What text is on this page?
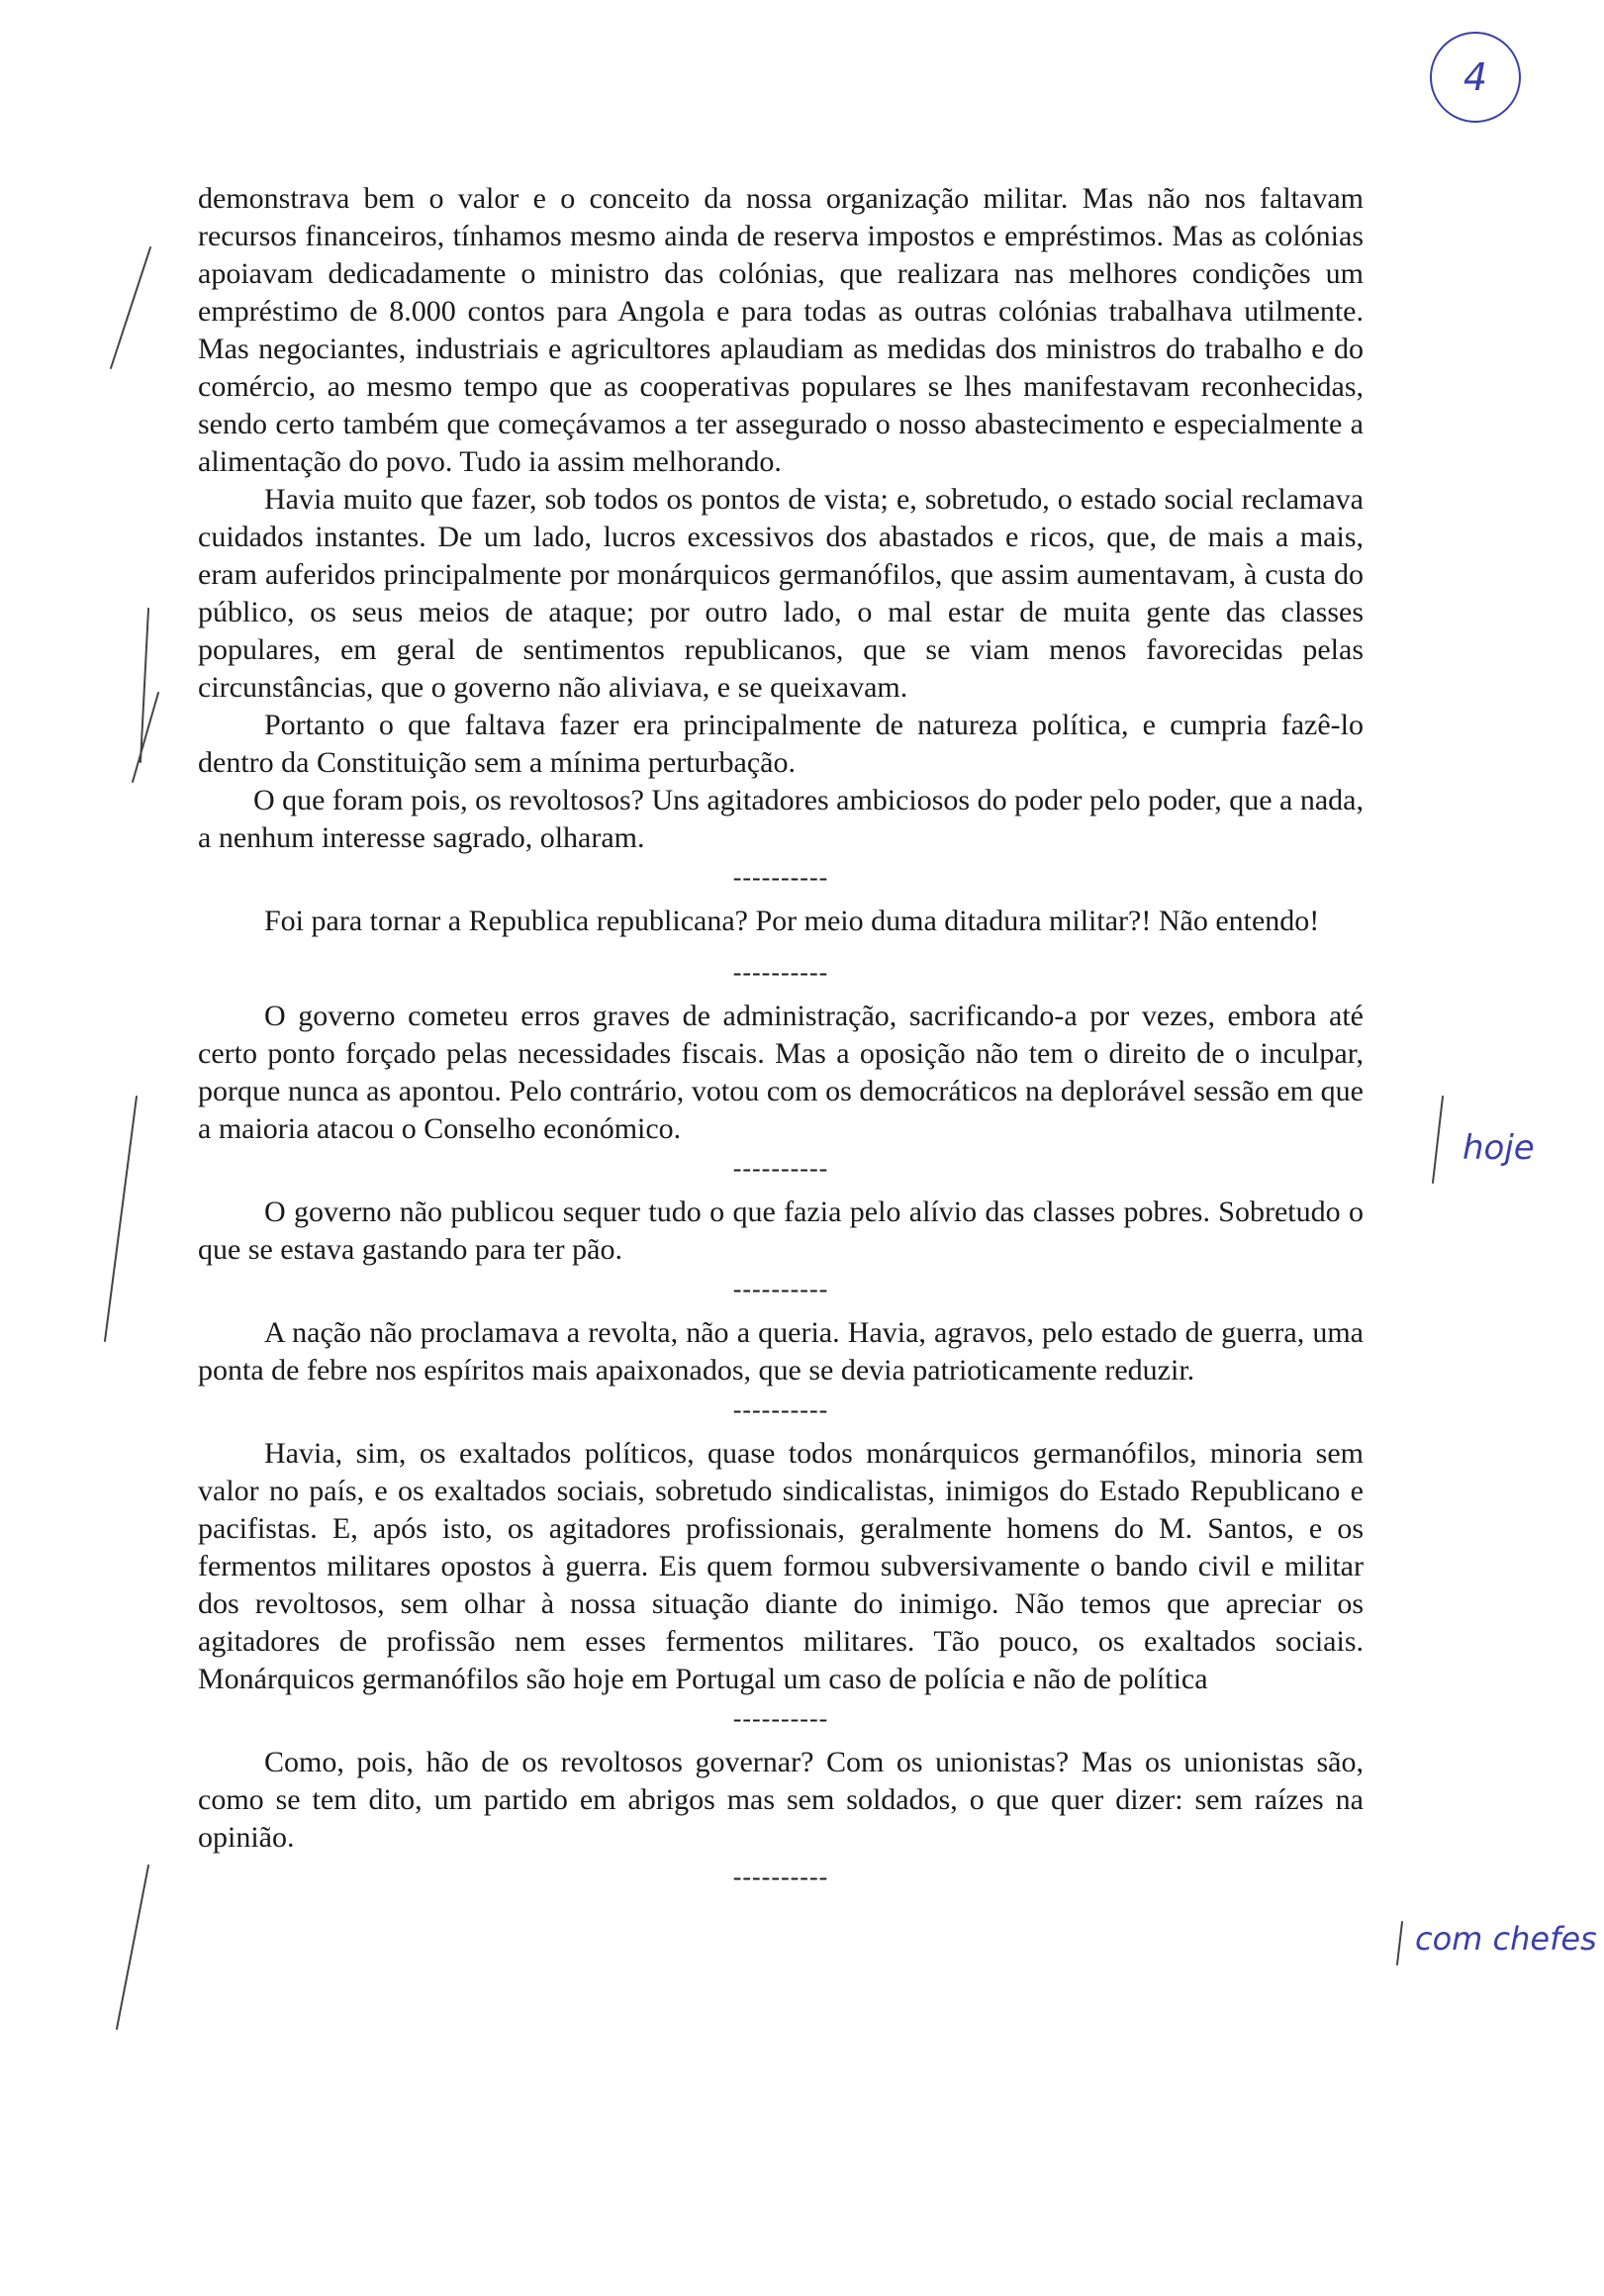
4
hoje
com chefes

demonstrava bem o valor e o conceito da nossa organização militar. Mas não nos faltavam recursos financeiros, tínhamos mesmo ainda de reserva impostos e empréstimos. Mas as colónias apoiavam dedicadamente o ministro das colónias, que realizara nas melhores condições um empréstimo de 8.000 contos para Angola e para todas as outras colónias trabalhava utilmente. Mas negociantes, industriais e agricultores aplaudiam as medidas dos ministros do trabalho e do comércio, ao mesmo tempo que as cooperativas populares se lhes manifestavam reconhecidas, sendo certo também que começávamos a ter assegurado o nosso abastecimento e especialmente a alimentação do povo. Tudo ia assim melhorando.

Havia muito que fazer, sob todos os pontos de vista; e, sobretudo, o estado social reclamava cuidados instantes. De um lado, lucros excessivos dos abastados e ricos, que, de mais a mais, eram auferidos principalmente por monárquicos germanófilos, que assim aumentavam, à custa do público, os seus meios de ataque; por outro lado, o mal estar de muita gente das classes populares, em geral de sentimentos republicanos, que se viam menos favorecidas pelas circunstâncias, que o governo não aliviava, e se queixavam.

Portanto o que faltava fazer era principalmente de natureza política, e cumpria fazê-lo dentro da Constituição sem a mínima perturbação.

O que foram pois, os revoltosos? Uns agitadores ambiciosos do poder pelo poder, que a nada, a nenhum interesse sagrado, olharam.

----------

Foi para tornar a Republica republicana? Por meio duma ditadura militar?! Não entendo!

----------

O governo cometeu erros graves de administração, sacrificando-a por vezes, embora até certo ponto forçado pelas necessidades fiscais. Mas a oposição não tem o direito de o inculpar, porque nunca as apontou. Pelo contrário, votou com os democráticos na deplorável sessão em que a maioria atacou o Conselho económico.

----------

O governo não publicou sequer tudo o que fazia pelo alívio das classes pobres. Sobretudo o que se estava gastando para ter pão.

----------

A nação não proclamava a revolta, não a queria. Havia, agravos, pelo estado de guerra, uma ponta de febre nos espíritos mais apaixonados, que se devia patrioticamente reduzir.

----------

Havia, sim, os exaltados políticos, quase todos monárquicos germanófilos, minoria sem valor no país, e os exaltados sociais, sobretudo sindicalistas, inimigos do Estado Republicano e pacifistas. E, após isto, os agitadores profissionais, geralmente homens do M. Santos, e os fermentos militares opostos à guerra. Eis quem formou subversivamente o bando civil e militar dos revoltosos, sem olhar à nossa situação diante do inimigo. Não temos que apreciar os agitadores de profissão nem esses fermentos militares. Tão pouco, os exaltados sociais. Monárquicos germanófilos são hoje em Portugal um caso de polícia e não de política

----------

Como, pois, hão de os revoltosos governar? Com os unionistas? Mas os unionistas são, como se tem dito, um partido em abrigos mas sem soldados, o que quer dizer: sem raízes na opinião.

----------
